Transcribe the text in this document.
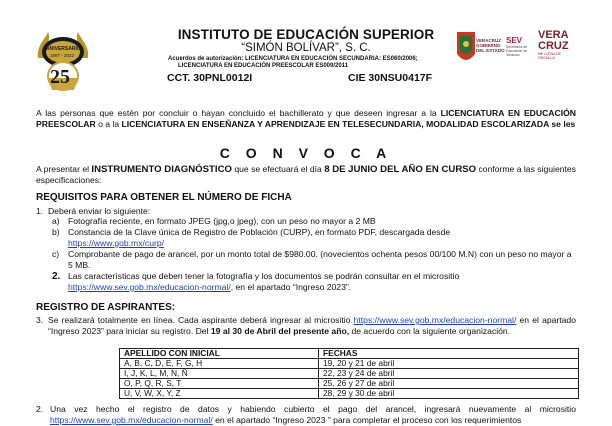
ANIVERSARIO
1997 - 2022
25
INSTITUTO DE EDUCACIÓN SUPERIOR
“SIMÓN BOLÍVAR”, S. C.
Acuerdos de autorización: LICENCIATURA EN EDUCACIÓN SECUNDARIA: ES060/2006;
LICENCIATURA EN EDUCACIÓN PREESCOLAR ES009/2011
CCT. 30PNL0012I	CIE 30NSU0417F
VERACRUZ GOBIERNO DEL ESTADO
SEV
Secretaría de Educación de Veracruz
VERA CRUZ
ME LLENA DE ORGULLO
A las personas que estén por concluir o hayan concluido el bachillerato y que deseen ingresar a la LICENCIATURA EN EDUCACIÓN PREESCOLAR o a la LICENCIATURA EN ENSEÑANZA Y APRENDIZAJE EN TELESECUNDARIA, MODALIDAD ESCOLARIZADA se les
C O N V O C A
A presentar el INSTRUMENTO DIAGNÓSTICO que se efectuará el día 8 DE JUNIO DEL AÑO EN CURSO conforme a las siguientes especificaciones:
REQUISITOS PARA OBTENER EL NÚMERO DE FICHA
1.  Deberá enviar lo siguiente:
a) Fotografía reciente, en formato JPEG (jpg,o jpeg), con un peso no mayor a 2 MB
b) Constancia de la Clave única de Registro de Población (CURP), en formato PDF, descargada desde
https://www.gob.mx/curp/
c)	Comprobante de pago de arancel, por un monto total de $980.00. (novecientos ochenta pesos 00/100 M.N) con un peso no mayor a 5 MB.
2. Las características que deben tener la fotografía y los documentos se podrán consultar en el micrositio https://www.sev.gob.mx/educacion-normal/, en el apartado “Ingreso 2023”.
REGISTRO DE ASPIRANTES:
3. Se realizará totalmente en línea. Cada aspirante deberá ingresar al micrositio https://www.sev.gob.mx/educacion-normal/ en el apartado “Ingreso 2023” para iniciar su registro. Del 19 al 30 de Abril del presente año, de acuerdo con la siguiente organización.
APELLIDO CON INICIAL	FECHAS
A, B, C, D, E, F, G, H	19, 20 y 21 de abril
I, J, K, L, M, N, Ñ	22, 23 y 24 de abril
O, P, Q, R, S, T	25, 26 y 27 de abril
U, V, W, X, Y, Z	28, 29 y 30 de abril
2. Una vez hecho el registro de datos y habiendo cubierto el pago del arancel, ingresará nuevamente al micrositio https://www.sev.gob.mx/educacion-normal/ en el apartado “Ingreso 2023 ” para completar el proceso con los requerimientos
